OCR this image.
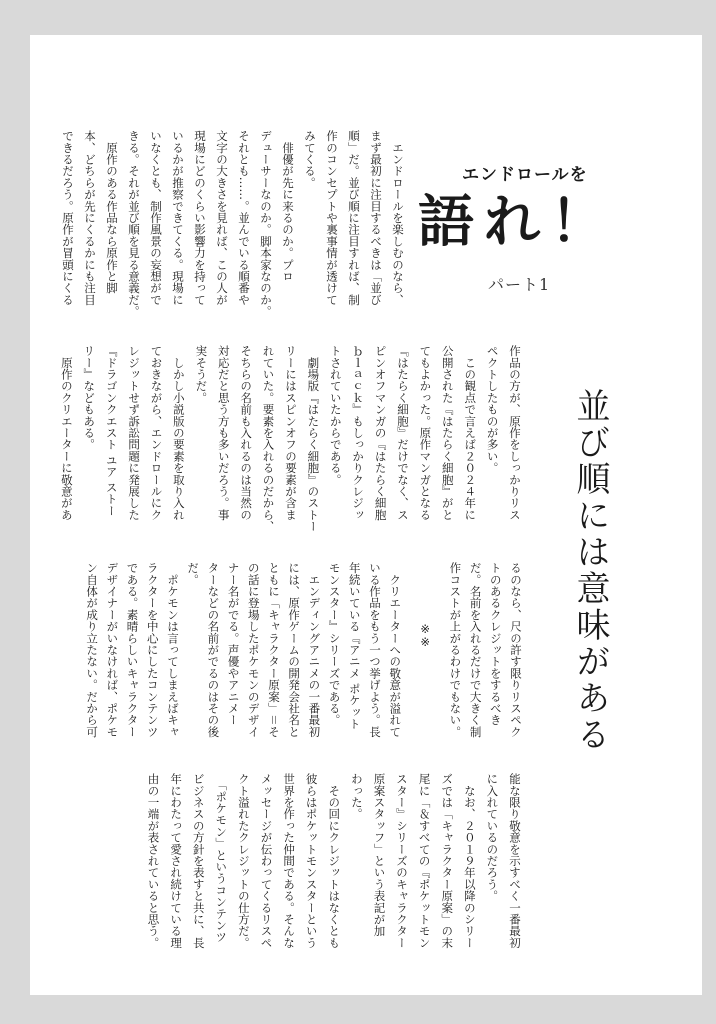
エンドロールを
語れ！
パート1
並び順には意味がある
　エンドロールを楽しむのなら、
まず最初に注目するべきは「並び
順」だ。並び順に注目すれば、制
作のコンセプトや裏事情が透けて
みてくる。
　俳優が先に来るのか。プロ
デューサーなのか。脚本家なのか。
それとも……。並んでいる順番や
文字の大きさを見れば、この人が
現場にどのくらい影響力を持って
いるかが推察できてくる。現場に
いなくとも、制作風景の妄想がで
きる。それが並び順を見る意義だ。
　原作のある作品なら原作と脚
本、どちらが先にくるかにも注目
できるだろう。原作が冒頭にくる
作品の方が、原作をしっかりリス
ペクトしたものが多い。
　この観点で言えば２０２４年に
公開された『はたらく細胞』がと
てもよかった。原作マンガとなる
『はたらく細胞』だけでなく、ス
ピンオフマンガの『はたらく細胞
ｂｌａｃｋ』もしっかりクレジッ
トされていたからである。
　劇場版『はたらく細胞』のストー
リーにはスピンオフの要素が含ま
れていた。要素を入れるのだから、
そちらの名前も入れるのは当然の
対応だと思う方も多いだろう。事
実そうだ。
　しかし小説版の要素を取り入れ
ておきながら、エンドロールにク
レジットせず訴訟問題に発展した
『ドラゴンクエスト ユア ストー
リー』などもある。
　原作のクリエーターに敬意があ
るのなら、尺の許す限りリスペク
トのあるクレジットをするべき
だ。名前を入れるだけで大きく制
作コストが上がるわけでもない。
※※
　クリエーターへの敬意が溢れて
いる作品をもう一つ挙げよう。長
年続いている『アニメ ポケット
モンスター』シリーズである。
　エンディングアニメの一番最初
には、原作ゲームの開発会社名と
ともに「キャラクター原案」＝そ
の話に登場したポケモンのデザイ
ナー名がでる。声優やアニメー
ターなどの名前がでるのはその後
だ。
　ポケモンは言ってしまえばキャ
ラクターを中心にしたコンテンツ
である。素晴らしいキャラクター
デザイナーがいなければ、ポケモ
ン自体が成り立たない。だから可
能な限り敬意を示すべく一番最初
に入れているのだろう。
　なお、２０１９年以降のシリー
ズでは「キャラクター原案」の末
尾に「＆すべての『ポケットモン
スター』シリーズのキャラクター
原案スタッフ」という表記が加
わった。
　その回にクレジットはなくとも
彼らはポケットモンスターという
世界を作った仲間である。そんな
メッセージが伝わってくるリスペ
クト溢れたクレジットの仕方だ。
　「ポケモン」というコンテンツ
ビジネスの方針を表すと共に、長
年にわたって愛され続けている理
由の一端が表されていると思う。
